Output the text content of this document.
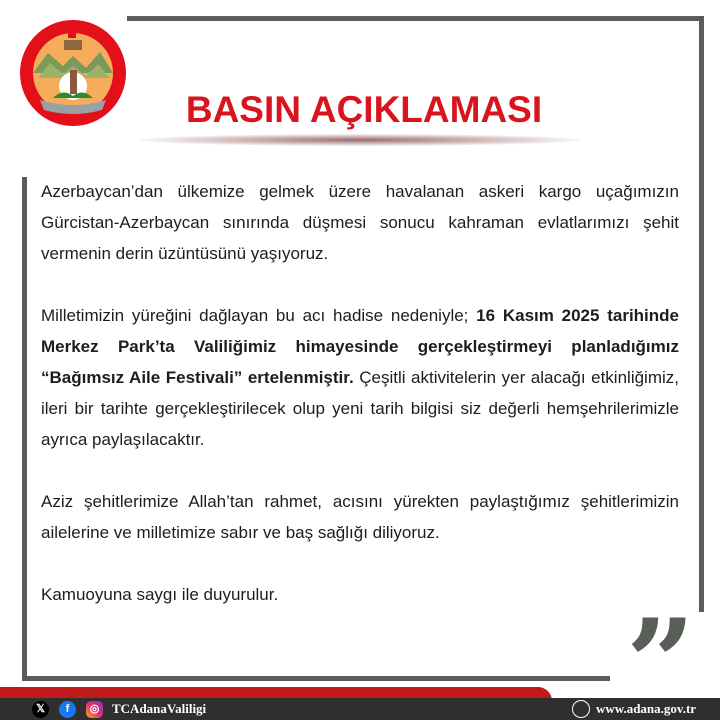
BASIN AÇIKLAMASI

Azerbaycan’dan ülkemize gelmek üzere havalanan askeri kargo uçağımızın Gürcistan-Azerbaycan sınırında düşmesi sonucu kahraman evlatlarımızı şehit vermenin derin üzüntüsünü yaşıyoruz.

Milletimizin yüreğini dağlayan bu acı hadise nedeniyle; 16 Kasım 2025 tarihinde Merkez Park’ta Valiliğimiz himayesinde gerçekleştirmeyi planladığımız “Bağımsız Aile Festivali” ertelenmiştir. Çeşitli aktivitelerin yer alacağı etkinliğimiz, ileri bir tarihte gerçekleştirilecek olup yeni tarih bilgisi siz değerli hemşehrilerimizle ayrıca paylaşılacaktır.

Aziz şehitlerimize Allah’tan rahmet, acısını yürekten paylaştığımız şehitlerimizin ailelerine ve milletimize sabır ve baş sağlığı diliyoruz.

Kamuoyuna saygı ile duyurulur.

𝕏	f	◎ TCAdanaValiligi	www.adana.gov.tr
